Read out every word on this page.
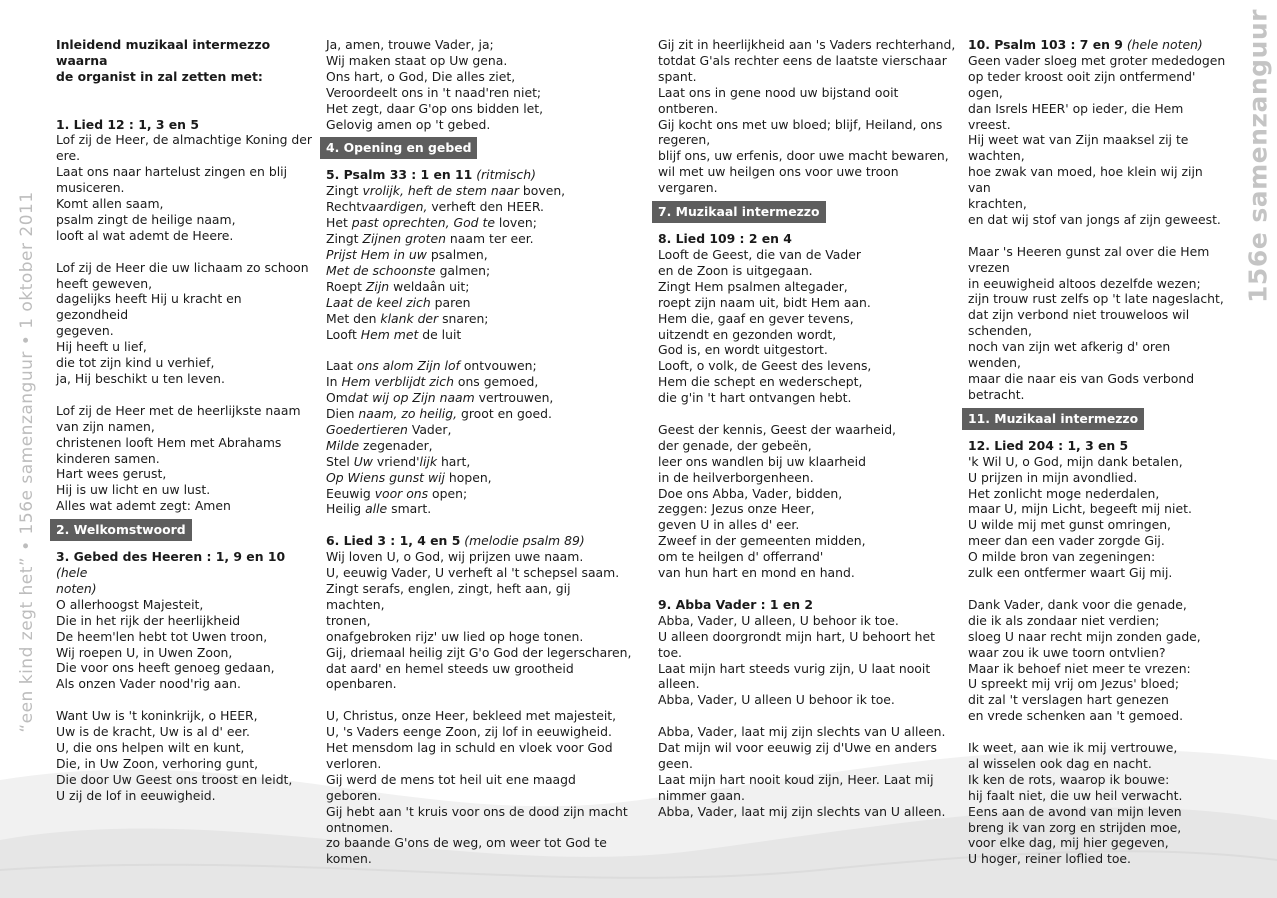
“een kind zegt het” • 156e samenzanguur • 1 oktober 2011
156e samenzanguur

Inleidend muzikaal intermezzo waarna

de organist in zal zetten met:

1. Lied 12 : 1, 3 en 5

Lof zij de Heer, de almachtige Koning der

ere.

Laat ons naar hartelust zingen en blij

musiceren.

Komt allen saam,

psalm zingt de heilige naam,

looft al wat ademt de Heere.

Lof zij de Heer die uw lichaam zo schoon

heeft geweven,

dagelijks heeft Hij u kracht en gezondheid

gegeven.

Hij heeft u lief,

die tot zijn kind u verhief,

ja, Hij beschikt u ten leven.

Lof zij de Heer met de heerlijkste naam

van zijn namen,

christenen looft Hem met Abrahams

kinderen samen.

Hart wees gerust,

Hij is uw licht en uw lust.

Alles wat ademt zegt: Amen

2. Welkomstwoord

3. Gebed des Heeren : 1, 9 en 10 (hele

noten)

O allerhoogst Majesteit,

Die in het rijk der heerlijkheid

De heem'len hebt tot Uwen troon,

Wij roepen U, in Uwen Zoon,

Die voor ons heeft genoeg gedaan,

Als onzen Vader nood'rig aan.

Want Uw is 't koninkrijk, o HEER,

Uw is de kracht, Uw is al d' eer.

U, die ons helpen wilt en kunt,

Die, in Uw Zoon, verhoring gunt,

Die door Uw Geest ons troost en leidt,

U zij de lof in eeuwigheid.

Ja, amen, trouwe Vader, ja;

Wij maken staat op Uw gena.

Ons hart, o God, Die alles ziet,

Veroordeelt ons in 't naad'ren niet;

Het zegt, daar G'op ons bidden let,

Gelovig amen op 't gebed.

4. Opening en gebed

5. Psalm 33 : 1 en 11 (ritmisch)

Zingt vrolijk, heft de stem naar boven,

Rechtvaardigen, verheft den HEER.

Het past oprechten, God te loven;

Zingt Zijnen groten naam ter eer.

Prijst Hem in uw psalmen,

Met de schoonste galmen;

Roept Zijn weldaân uit;

Laat de keel zich paren

Met den klank der snaren;

Looft Hem met de luit

Laat ons alom Zijn lof ontvouwen;

In Hem verblijdt zich ons gemoed,

Omdat wij op Zijn naam vertrouwen,

Dien naam, zo heilig, groot en goed.

Goedertieren Vader,

Milde zegenader,

Stel Uw vriend'lijk hart,

Op Wiens gunst wij hopen,

Eeuwig voor ons open;

Heilig alle smart.

6. Lied 3 : 1, 4 en 5 (melodie psalm 89)

Wij loven U, o God, wij prijzen uwe naam.

U, eeuwig Vader, U verheft al 't schepsel saam.

Zingt serafs, englen, zingt, heft aan, gij machten,

tronen,

onafgebroken rijz' uw lied op hoge tonen.

Gij, driemaal heilig zijt G'o God der legerscharen,

dat aard' en hemel steeds uw grootheid

openbaren.

U, Christus, onze Heer, bekleed met majesteit,

U, 's Vaders eenge Zoon, zij lof in eeuwigheid.

Het mensdom lag in schuld en vloek voor God

verloren.

Gij werd de mens tot heil uit ene maagd geboren.

Gij hebt aan 't kruis voor ons de dood zijn macht

ontnomen.

zo baande G'ons de weg, om weer tot God te

komen.

Gij zit in heerlijkheid aan 's Vaders rechterhand,

totdat G'als rechter eens de laatste vierschaar

spant.

Laat ons in gene nood uw bijstand ooit ontberen.

Gij kocht ons met uw bloed; blijf, Heiland, ons

regeren,

blijf ons, uw erfenis, door uwe macht bewaren,

wil met uw heilgen ons voor uwe troon vergaren.

7. Muzikaal intermezzo

8. Lied 109 : 2 en 4

Looft de Geest, die van de Vader

en de Zoon is uitgegaan.

Zingt Hem psalmen altegader,

roept zijn naam uit, bidt Hem aan.

Hem die, gaaf en gever tevens,

uitzendt en gezonden wordt,

God is, en wordt uitgestort.

Looft, o volk, de Geest des levens,

Hem die schept en wederschept,

die g'in 't hart ontvangen hebt.

Geest der kennis, Geest der waarheid,

der genade, der gebeën,

leer ons wandlen bij uw klaarheid

in de heilverborgenheen.

Doe ons Abba, Vader, bidden,

zeggen: Jezus onze Heer,

geven U in alles d' eer.

Zweef in der gemeenten midden,

om te heilgen d' offerrand'

van hun hart en mond en hand.

9. Abba Vader : 1 en 2

Abba, Vader, U alleen, U behoor ik toe.

U alleen doorgrondt mijn hart, U behoort het

toe.

Laat mijn hart steeds vurig zijn, U laat nooit

alleen.

Abba, Vader, U alleen U behoor ik toe.

Abba, Vader, laat mij zijn slechts van U alleen.

Dat mijn wil voor eeuwig zij d'Uwe en anders

geen.

Laat mijn hart nooit koud zijn, Heer. Laat mij

nimmer gaan.

Abba, Vader, laat mij zijn slechts van U alleen.

10. Psalm 103 : 7 en 9 (hele noten)

Geen vader sloeg met groter mededogen

op teder kroost ooit zijn ontfermend' ogen,

dan Isrels HEER' op ieder, die Hem vreest.

Hij weet wat van Zijn maaksel zij te wachten,

hoe zwak van moed, hoe klein wij zijn van

krachten,

en dat wij stof van jongs af zijn geweest.

Maar 's Heeren gunst zal over die Hem vrezen

in eeuwigheid altoos dezelfde wezen;

zijn trouw rust zelfs op 't late nageslacht,

dat zijn verbond niet trouweloos wil schenden,

noch van zijn wet afkerig d' oren wenden,

maar die naar eis van Gods verbond betracht.

11. Muzikaal intermezzo

12. Lied 204 : 1, 3 en 5

'k Wil U, o God, mijn dank betalen,

U prijzen in mijn avondlied.

Het zonlicht moge nederdalen,

maar U, mijn Licht, begeeft mij niet.

U wilde mij met gunst omringen,

meer dan een vader zorgde Gij.

O milde bron van zegeningen:

zulk een ontfermer waart Gij mij.

Dank Vader, dank voor die genade,

die ik als zondaar niet verdien;

sloeg U naar recht mijn zonden gade,

waar zou ik uwe toorn ontvlien?

Maar ik behoef niet meer te vrezen:

U spreekt mij vrij om Jezus' bloed;

dit zal 't verslagen hart genezen

en vrede schenken aan 't gemoed.

Ik weet, aan wie ik mij vertrouwe,

al wisselen ook dag en nacht.

Ik ken de rots, waarop ik bouwe:

hij faalt niet, die uw heil verwacht.

Eens aan de avond van mijn leven

breng ik van zorg en strijden moe,

voor elke dag, mij hier gegeven,

U hoger, reiner loflied toe.
